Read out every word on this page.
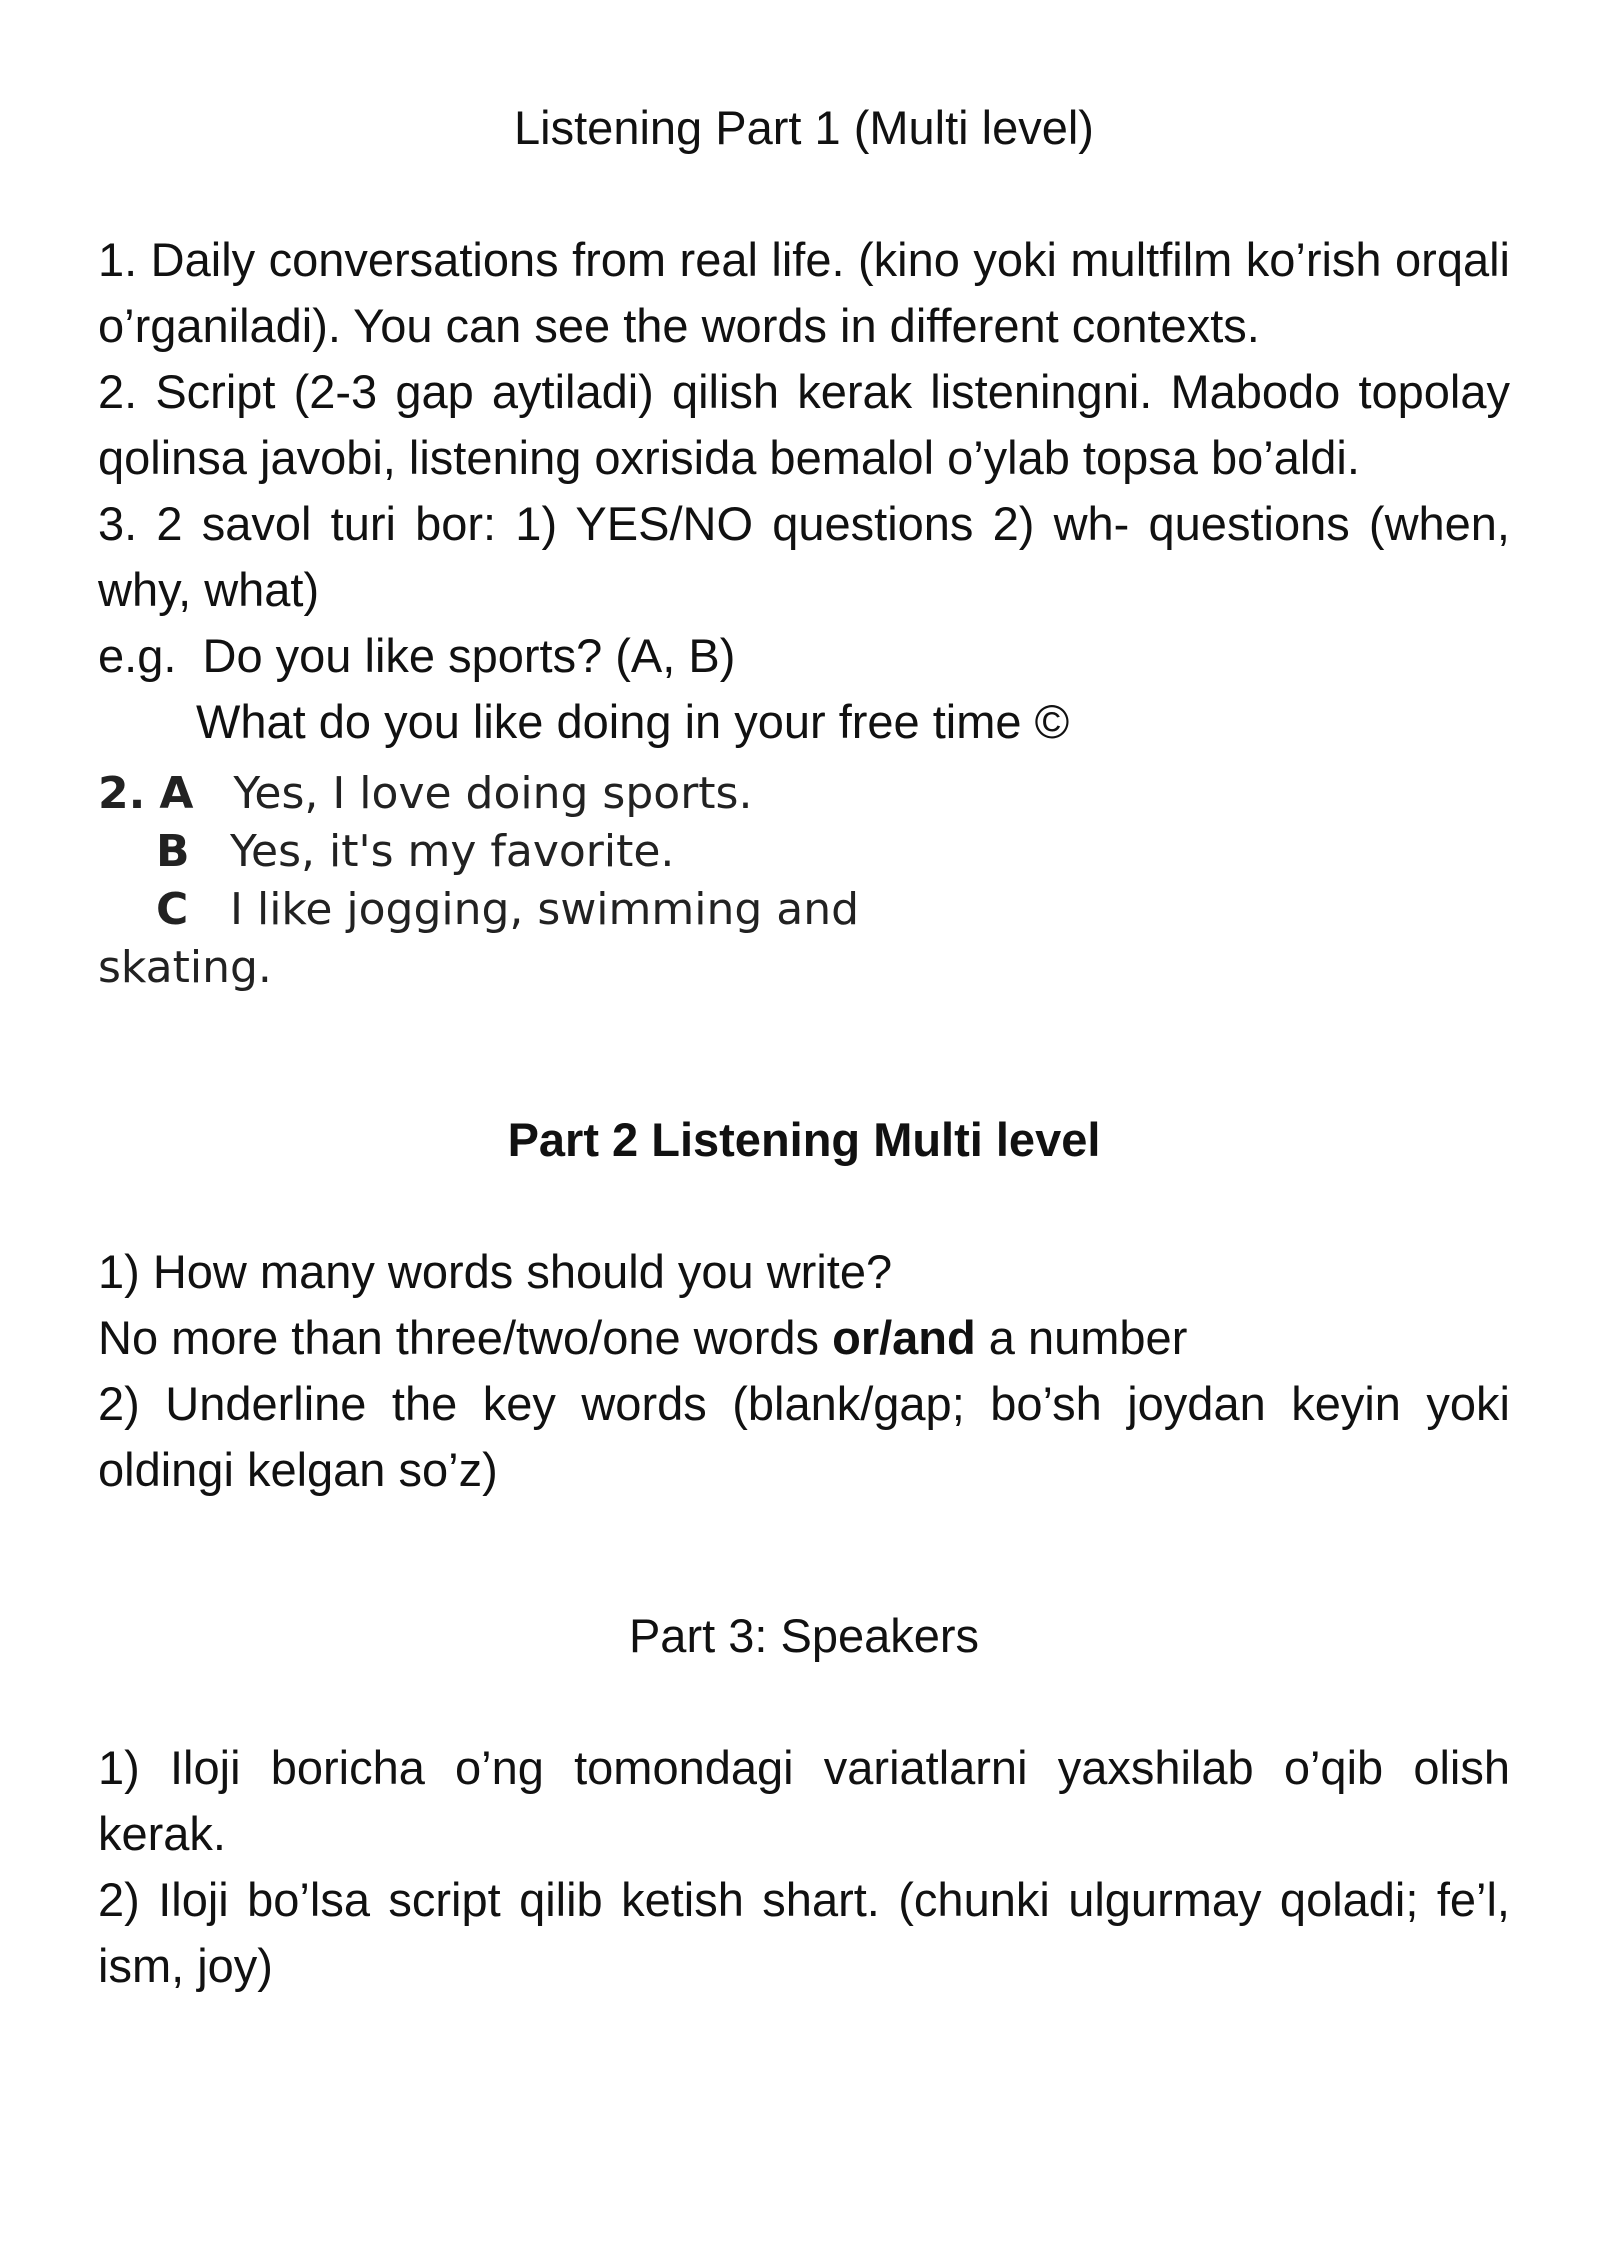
Listening Part 1 (Multi level)

1. Daily conversations from real life. (kino yoki multfilm ko’rish orqali o’rganiladi). You can see the words in different contexts.

2. Script (2-3 gap aytiladi) qilish kerak listeningni. Mabodo topolay qolinsa javobi, listening oxrisida bemalol o’ylab topsa bo’aldi.

3. 2 savol turi bor: 1) YES/NO questions 2) wh- questions (when, why, what)

e.g. Do you like sports? (A, B)

What do you like doing in your free time ©

2. A Yes, I love doing sports.
B Yes, it's my favorite.
C I like jogging, swimming and
skating.
Part 2 Listening Multi level

1) How many words should you write?

No more than three/two/one words or/and a number

2) Underline the key words (blank/gap; bo’sh joydan keyin yoki oldingi kelgan so’z)

Part 3: Speakers

1) Iloji boricha o’ng tomondagi variatlarni yaxshilab o’qib olish kerak.

2) Iloji bo’lsa script qilib ketish shart. (chunki ulgurmay qoladi; fe’l, ism, joy)
